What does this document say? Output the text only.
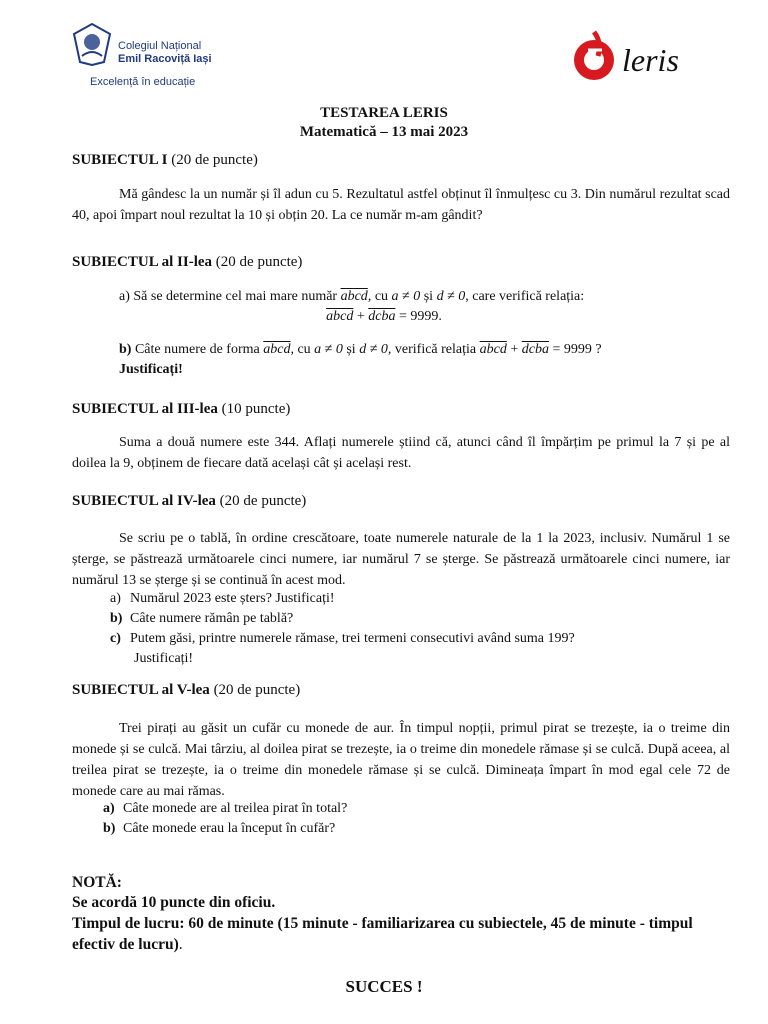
Colegiul Național
Emil Racoviță Iași
Excelență în educație
leris
TESTAREA LERIS
Matematică – 13 mai 2023
SUBIECTUL I (20 de puncte)
Mă gândesc la un număr și îl adun cu 5. Rezultatul astfel obținut îl înmulțesc cu 3. Din numărul rezultat scad 40, apoi împart noul rezultat la 10 și obțin 20. La ce număr m-am gândit?
SUBIECTUL al II-lea (20 de puncte)
a) Să se determine cel mai mare număr abcd, cu a ≠ 0 și d ≠ 0, care verifică relația:
abcd + dcba = 9999.
b) Câte numere de forma abcd, cu a ≠ 0 și d ≠ 0, verifică relația abcd + dcba = 9999 ?
Justificați!
SUBIECTUL al III-lea (10 puncte)
Suma a două numere este 344. Aflați numerele știind că, atunci când îl împărțim pe primul la 7 și pe al doilea la 9, obținem de fiecare dată același cât și același rest.
SUBIECTUL al IV-lea (20 de puncte)
Se scriu pe o tablă, în ordine crescătoare, toate numerele naturale de la 1 la 2023, inclusiv. Numărul 1 se șterge, se păstrează următoarele cinci numere, iar numărul 7 se șterge. Se păstrează următoarele cinci numere, iar numărul 13 se șterge și se continuă în acest mod.
a) Numărul 2023 este șters? Justificați!
b) Câte numere rămân pe tablă?
c) Putem găsi, printre numerele rămase, trei termeni consecutivi având suma 199?
Justificați!
SUBIECTUL al V-lea (20 de puncte)
Trei pirați au găsit un cufăr cu monede de aur. În timpul nopții, primul pirat se trezește, ia o treime din monede și se culcă. Mai târziu, al doilea pirat se trezește, ia o treime din monedele rămase și se culcă. După aceea, al treilea pirat se trezește, ia o treime din monedele rămase și se culcă. Dimineața împart în mod egal cele 72 de monede care au mai rămas.
a) Câte monede are al treilea pirat în total?
b) Câte monede erau la început în cufăr?
NOTĂ:
Se acordă 10 puncte din oficiu.
Timpul de lucru: 60 de minute (15 minute - familiarizarea cu subiectele, 45 de minute - timpul efectiv de lucru).
SUCCES !
